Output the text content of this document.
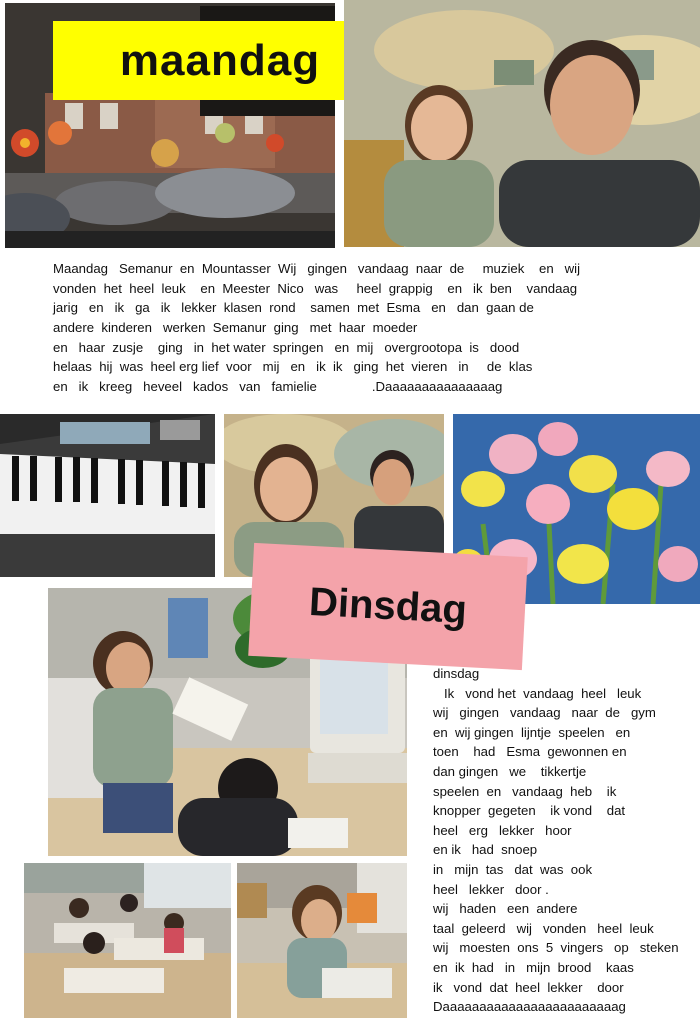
maandag
Maandag   Semanur  en  Mountasser  Wij   gingen   vandaag  naar  de     muziek    en   wij
vonden  het  heel  leuk    en  Meester  Nico   was     heel  grappig    en   ik  ben    vandaag
jarig   en   ik   ga   ik   lekker  klasen  rond    samen  met  Esma   en   dan  gaan de
andere  kinderen   werken  Semanur  ging   met  haar  moeder
en   haar  zusje    ging   in  het water  springen   en  mij   overgrootopa  is   dood
helaas  hij  was  heel erg lief  voor   mij   en   ik  ik   ging  het  vieren   in     de  klas
en   ik   kreeg   heveel   kados   van   famielie               .Daaaaaaaaaaaaaaag
Dinsdag
dinsdag
Ik   vond het  vandaag  heel   leuk
wij   gingen   vandaag   naar  de   gym
en  wij gingen  lijntje  speelen   en
toen    had   Esma  gewonnen en
dan gingen   we    tikkertje
speelen  en   vandaag  heb    ik
knopper  gegeten    ik vond    dat
heel   erg   lekker   hoor
en ik   had  snoep
in   mijn  tas   dat  was  ook
heel   lekker   door .
wij   haden   een  andere
taal  geleerd   wij   vonden   heel  leuk
wij   moesten  ons  5  vingers   op   steken
en  ik  had   in   mijn  brood    kaas
ik   vond  dat  heel  lekker    door
Daaaaaaaaaaaaaaaaaaaaaaaag
